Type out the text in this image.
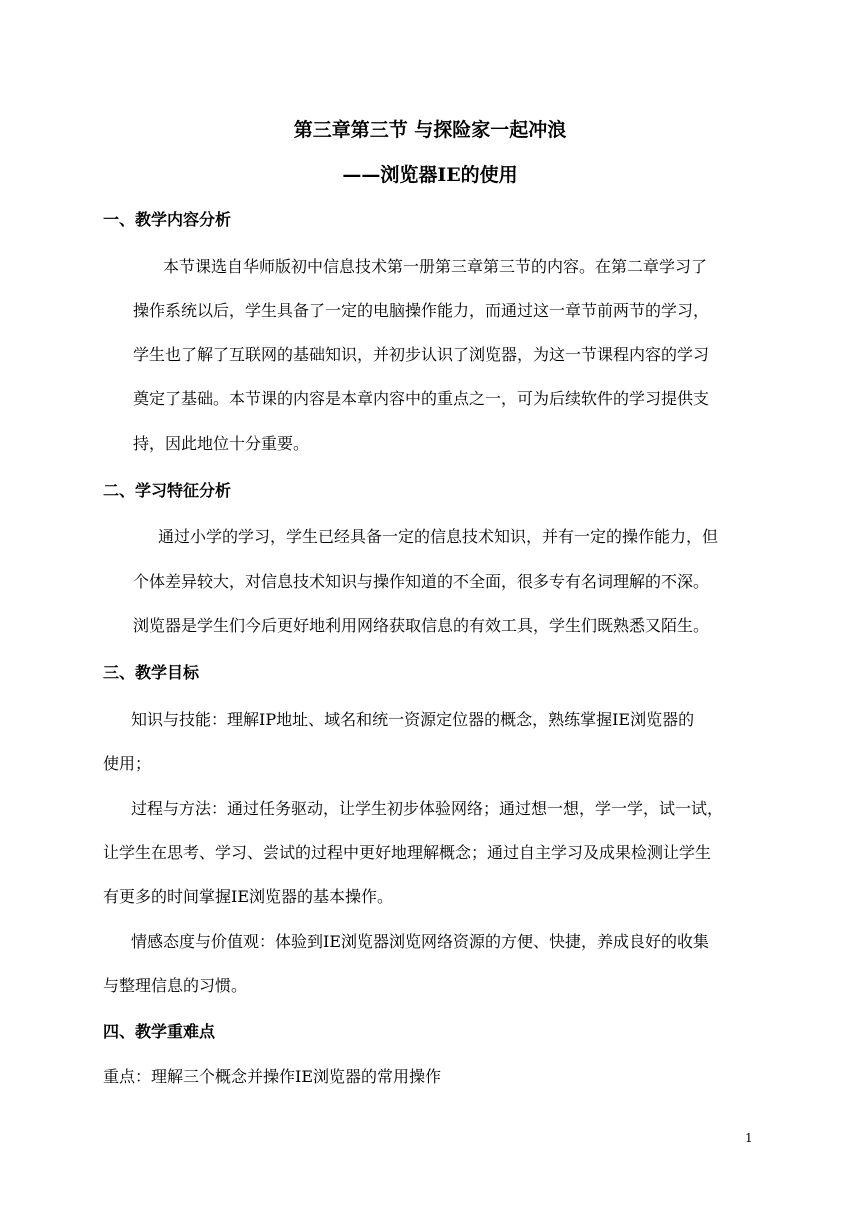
第三章第三节 与探险家一起冲浪
——浏览器IE的使用
一、教学内容分析
本节课选自华师版初中信息技术第一册第三章第三节的内容。在第二章学习了
操作系统以后，学生具备了一定的电脑操作能力，而通过这一章节前两节的学习，
学生也了解了互联网的基础知识，并初步认识了浏览器，为这一节课程内容的学习
奠定了基础。本节课的内容是本章内容中的重点之一，可为后续软件的学习提供支
持，因此地位十分重要。
二、学习特征分析
通过小学的学习，学生已经具备一定的信息技术知识，并有一定的操作能力，但
个体差异较大，对信息技术知识与操作知道的不全面，很多专有名词理解的不深。
浏览器是学生们今后更好地利用网络获取信息的有效工具，学生们既熟悉又陌生。
三、教学目标
知识与技能：理解IP地址、域名和统一资源定位器的概念，熟练掌握IE浏览器的
使用；
过程与方法：通过任务驱动，让学生初步体验网络；通过想一想，学一学，试一试，
让学生在思考、学习、尝试的过程中更好地理解概念；通过自主学习及成果检测让学生
有更多的时间掌握IE浏览器的基本操作。
情感态度与价值观：体验到IE浏览器浏览网络资源的方便、快捷，养成良好的收集
与整理信息的习惯。
四、教学重难点
重点：理解三个概念并操作IE浏览器的常用操作
1
